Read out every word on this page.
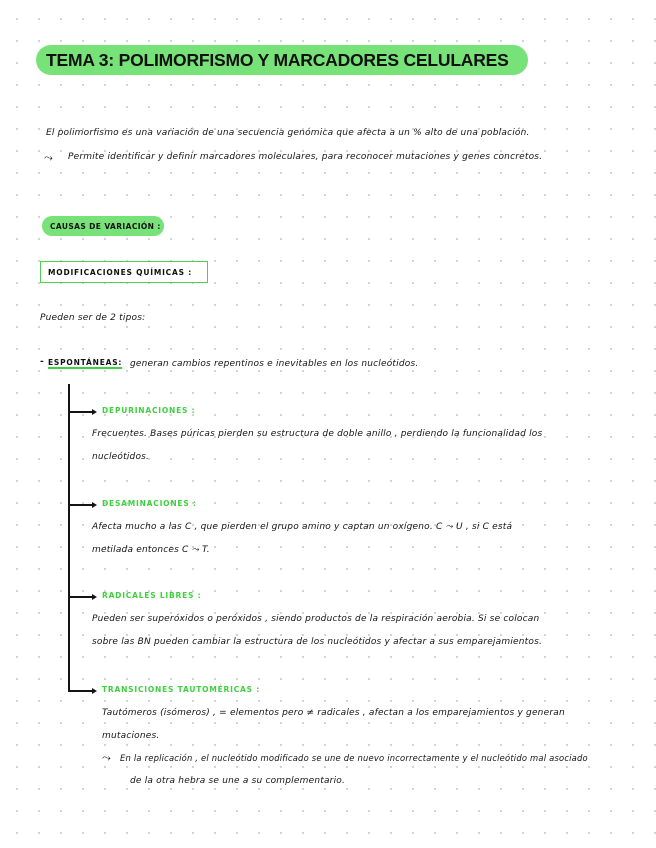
TEMA 3: POLIMORFISMO Y MARCADORES CELULARES
El polimorfismo es una variación de una secuencia genómica que afecta a un % alto de una población.
⤳ Permite identificar y definir marcadores moleculares, para reconocer mutaciones y genes concretos.
CAUSAS DE VARIACIÓN :
MODIFICACIONES QUÍMICAS :
Pueden ser de 2 tipos:
- ESPONTÁNEAS: generan cambios repentinos e inevitables en los nucleótidos.
DEPURINACIONES :
Frecuentes. Bases púricas pierden su estructura de doble anillo , perdiendo la funcionalidad los
nucleótidos.
DESAMINACIONES :
Afecta mucho a las C , que pierden el grupo amino y captan un oxígeno. C ⤳ U , si C está
metilada entonces C ⤳ T.
RADICALES LIBRES :
Pueden ser superóxidos o peróxidos , siendo productos de la respiración aerobia. Si se colocan
sobre las BN pueden cambiar la estructura de los nucleótidos y afectar a sus emparejamientos.
TRANSICIONES TAUTOMÉRICAS :
Tautómeros (isómeros) , = elementos pero ≠ radicales , afectan a los emparejamientos y generan
mutaciones.
⤳ En la replicación , el nucleótido modificado se une de nuevo incorrectamente y el nucleótido mal asociado
de la otra hebra se une a su complementario.
